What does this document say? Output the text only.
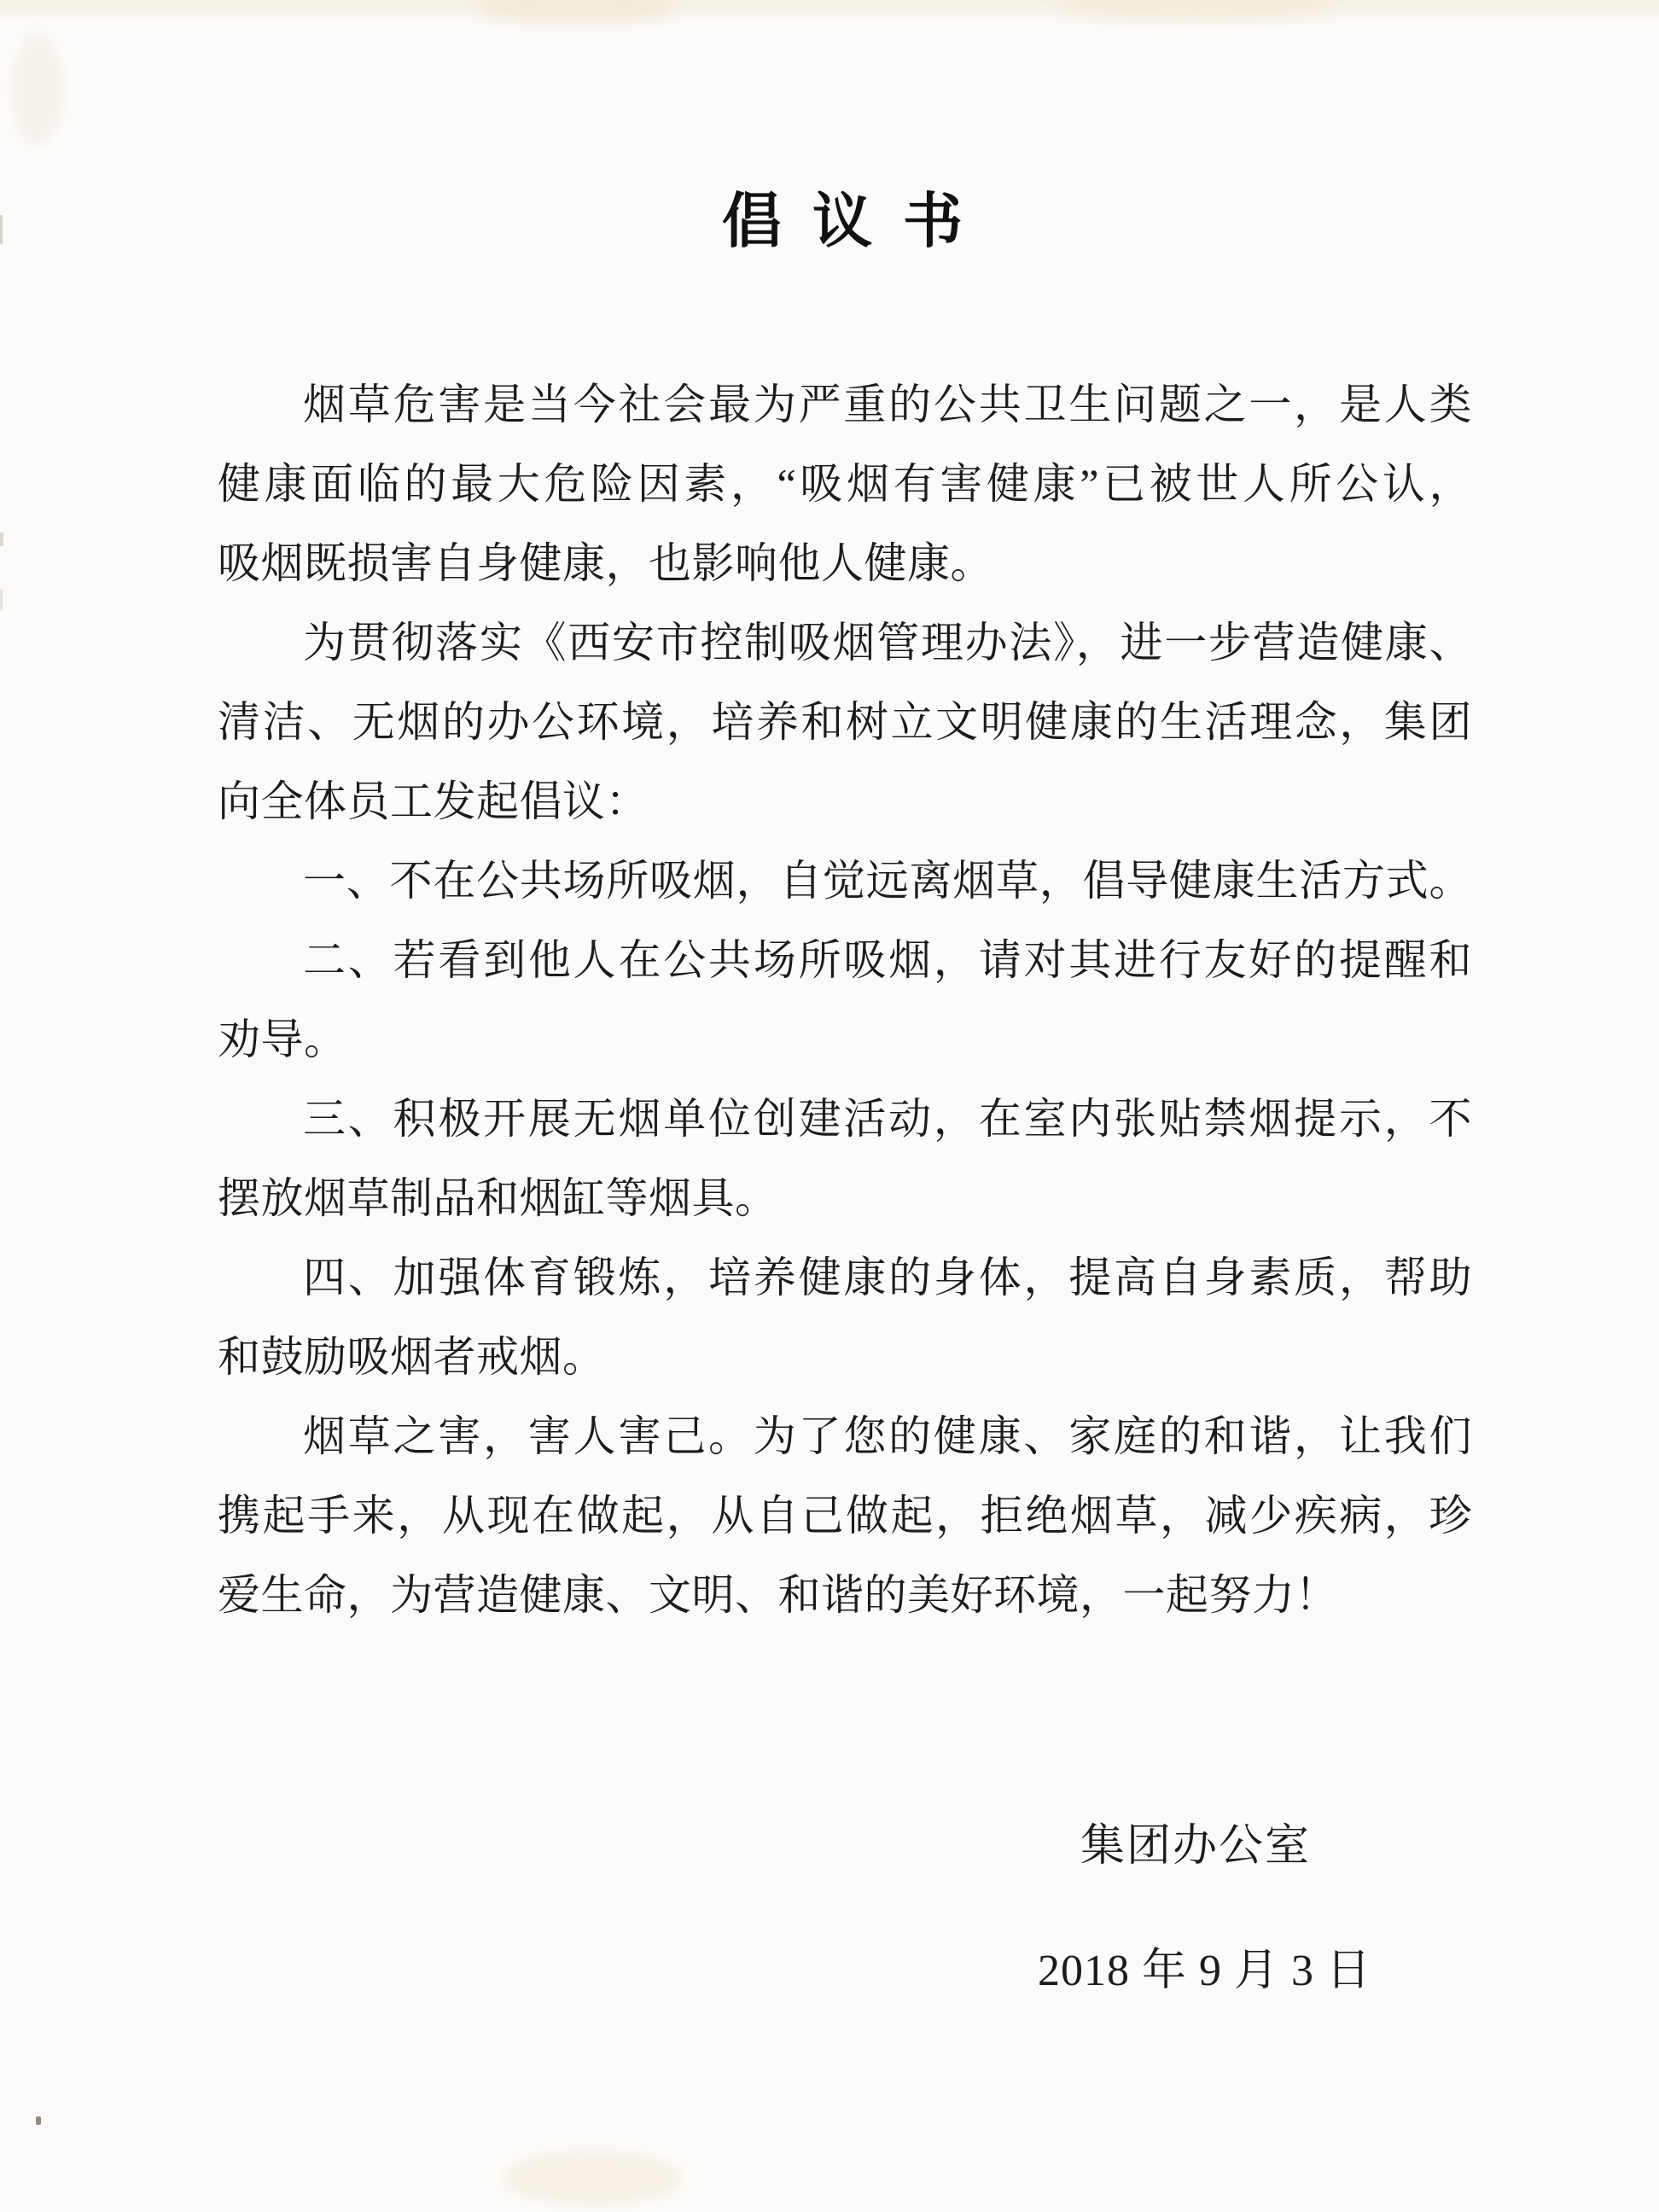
倡议书
烟草危害是当今社会最为严重的公共卫生问题之一，是人类
健康面临的最大危险因素，“吸烟有害健康”已被世人所公认，
吸烟既损害自身健康，也影响他人健康。
为贯彻落实《西安市控制吸烟管理办法》，进一步营造健康、
清洁、无烟的办公环境，培养和树立文明健康的生活理念，集团
向全体员工发起倡议：
一、不在公共场所吸烟，自觉远离烟草，倡导健康生活方式。
二、若看到他人在公共场所吸烟，请对其进行友好的提醒和
劝导。
三、积极开展无烟单位创建活动，在室内张贴禁烟提示，不
摆放烟草制品和烟缸等烟具。
四、加强体育锻炼，培养健康的身体，提高自身素质，帮助
和鼓励吸烟者戒烟。
烟草之害，害人害己。为了您的健康、家庭的和谐，让我们
携起手来，从现在做起，从自己做起，拒绝烟草，减少疾病，珍
爱生命，为营造健康、文明、和谐的美好环境，一起努力！
集团办公室
2018 年 9 月 3 日
